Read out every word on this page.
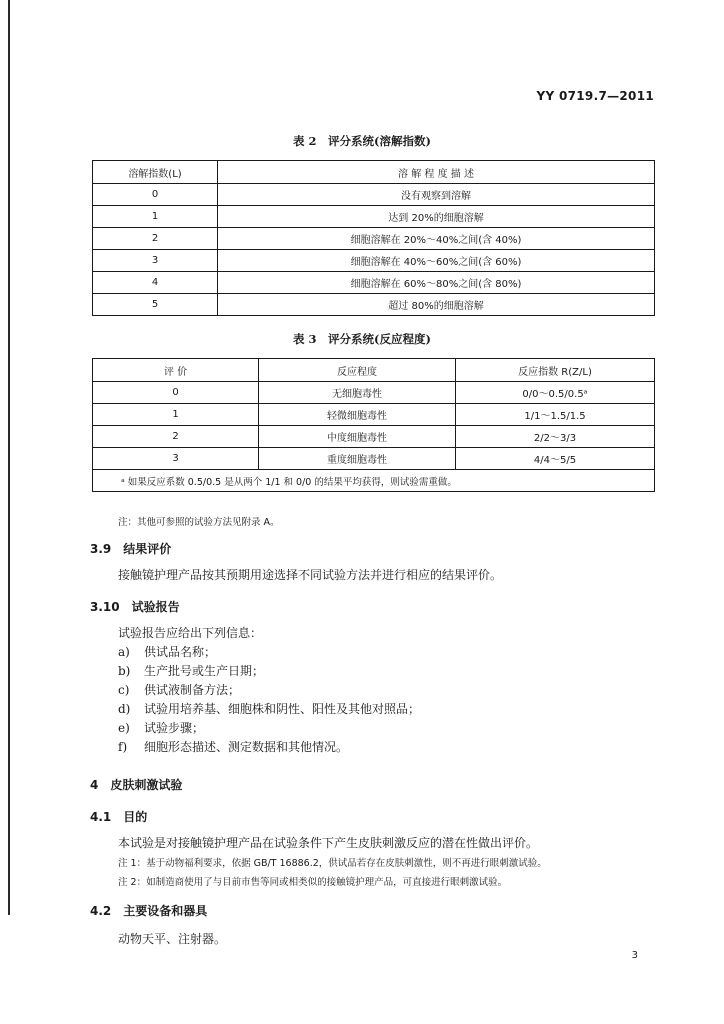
YY 0719.7—2011
表 2　评分系统(溶解指数)
溶解指数(L)	溶 解 程 度 描 述
0	没有观察到溶解
1	达到 20%的细胞溶解
2	细胞溶解在 20%～40%之间(含 40%)
3	细胞溶解在 40%～60%之间(含 60%)
4	细胞溶解在 60%～80%之间(含 80%)
5	超过 80%的细胞溶解
表 3　评分系统(反应程度)
评 价	反应程度	反应指数 R(Z/L)
0	无细胞毒性	0/0～0.5/0.5ᵃ
1	轻微细胞毒性	1/1～1.5/1.5
2	中度细胞毒性	2/2～3/3
3	重度细胞毒性	4/4～5/5
ᵃ 如果反应系数 0.5/0.5 是从两个 1/1 和 0/0 的结果平均获得，则试验需重做。		
注：其他可参照的试验方法见附录 A。
3.9 结果评价
接触镜护理产品按其预期用途选择不同试验方法并进行相应的结果评价。
3.10 试验报告
试验报告应给出下列信息：
a) 供试品名称；
b) 生产批号或生产日期；
c) 供试液制备方法；
d) 试验用培养基、细胞株和阴性、阳性及其他对照品；
e) 试验步骤；
f) 细胞形态描述、测定数据和其他情况。
4 皮肤刺激试验
4.1 目的
本试验是对接触镜护理产品在试验条件下产生皮肤刺激反应的潜在性做出评价。
注 1：基于动物福利要求，依据 GB/T 16886.2，供试品若存在皮肤刺激性，则不再进行眼刺激试验。
注 2：如制造商使用了与目前市售等同或相类似的接触镜护理产品，可直接进行眼刺激试验。
4.2 主要设备和器具
动物天平、注射器。
3
